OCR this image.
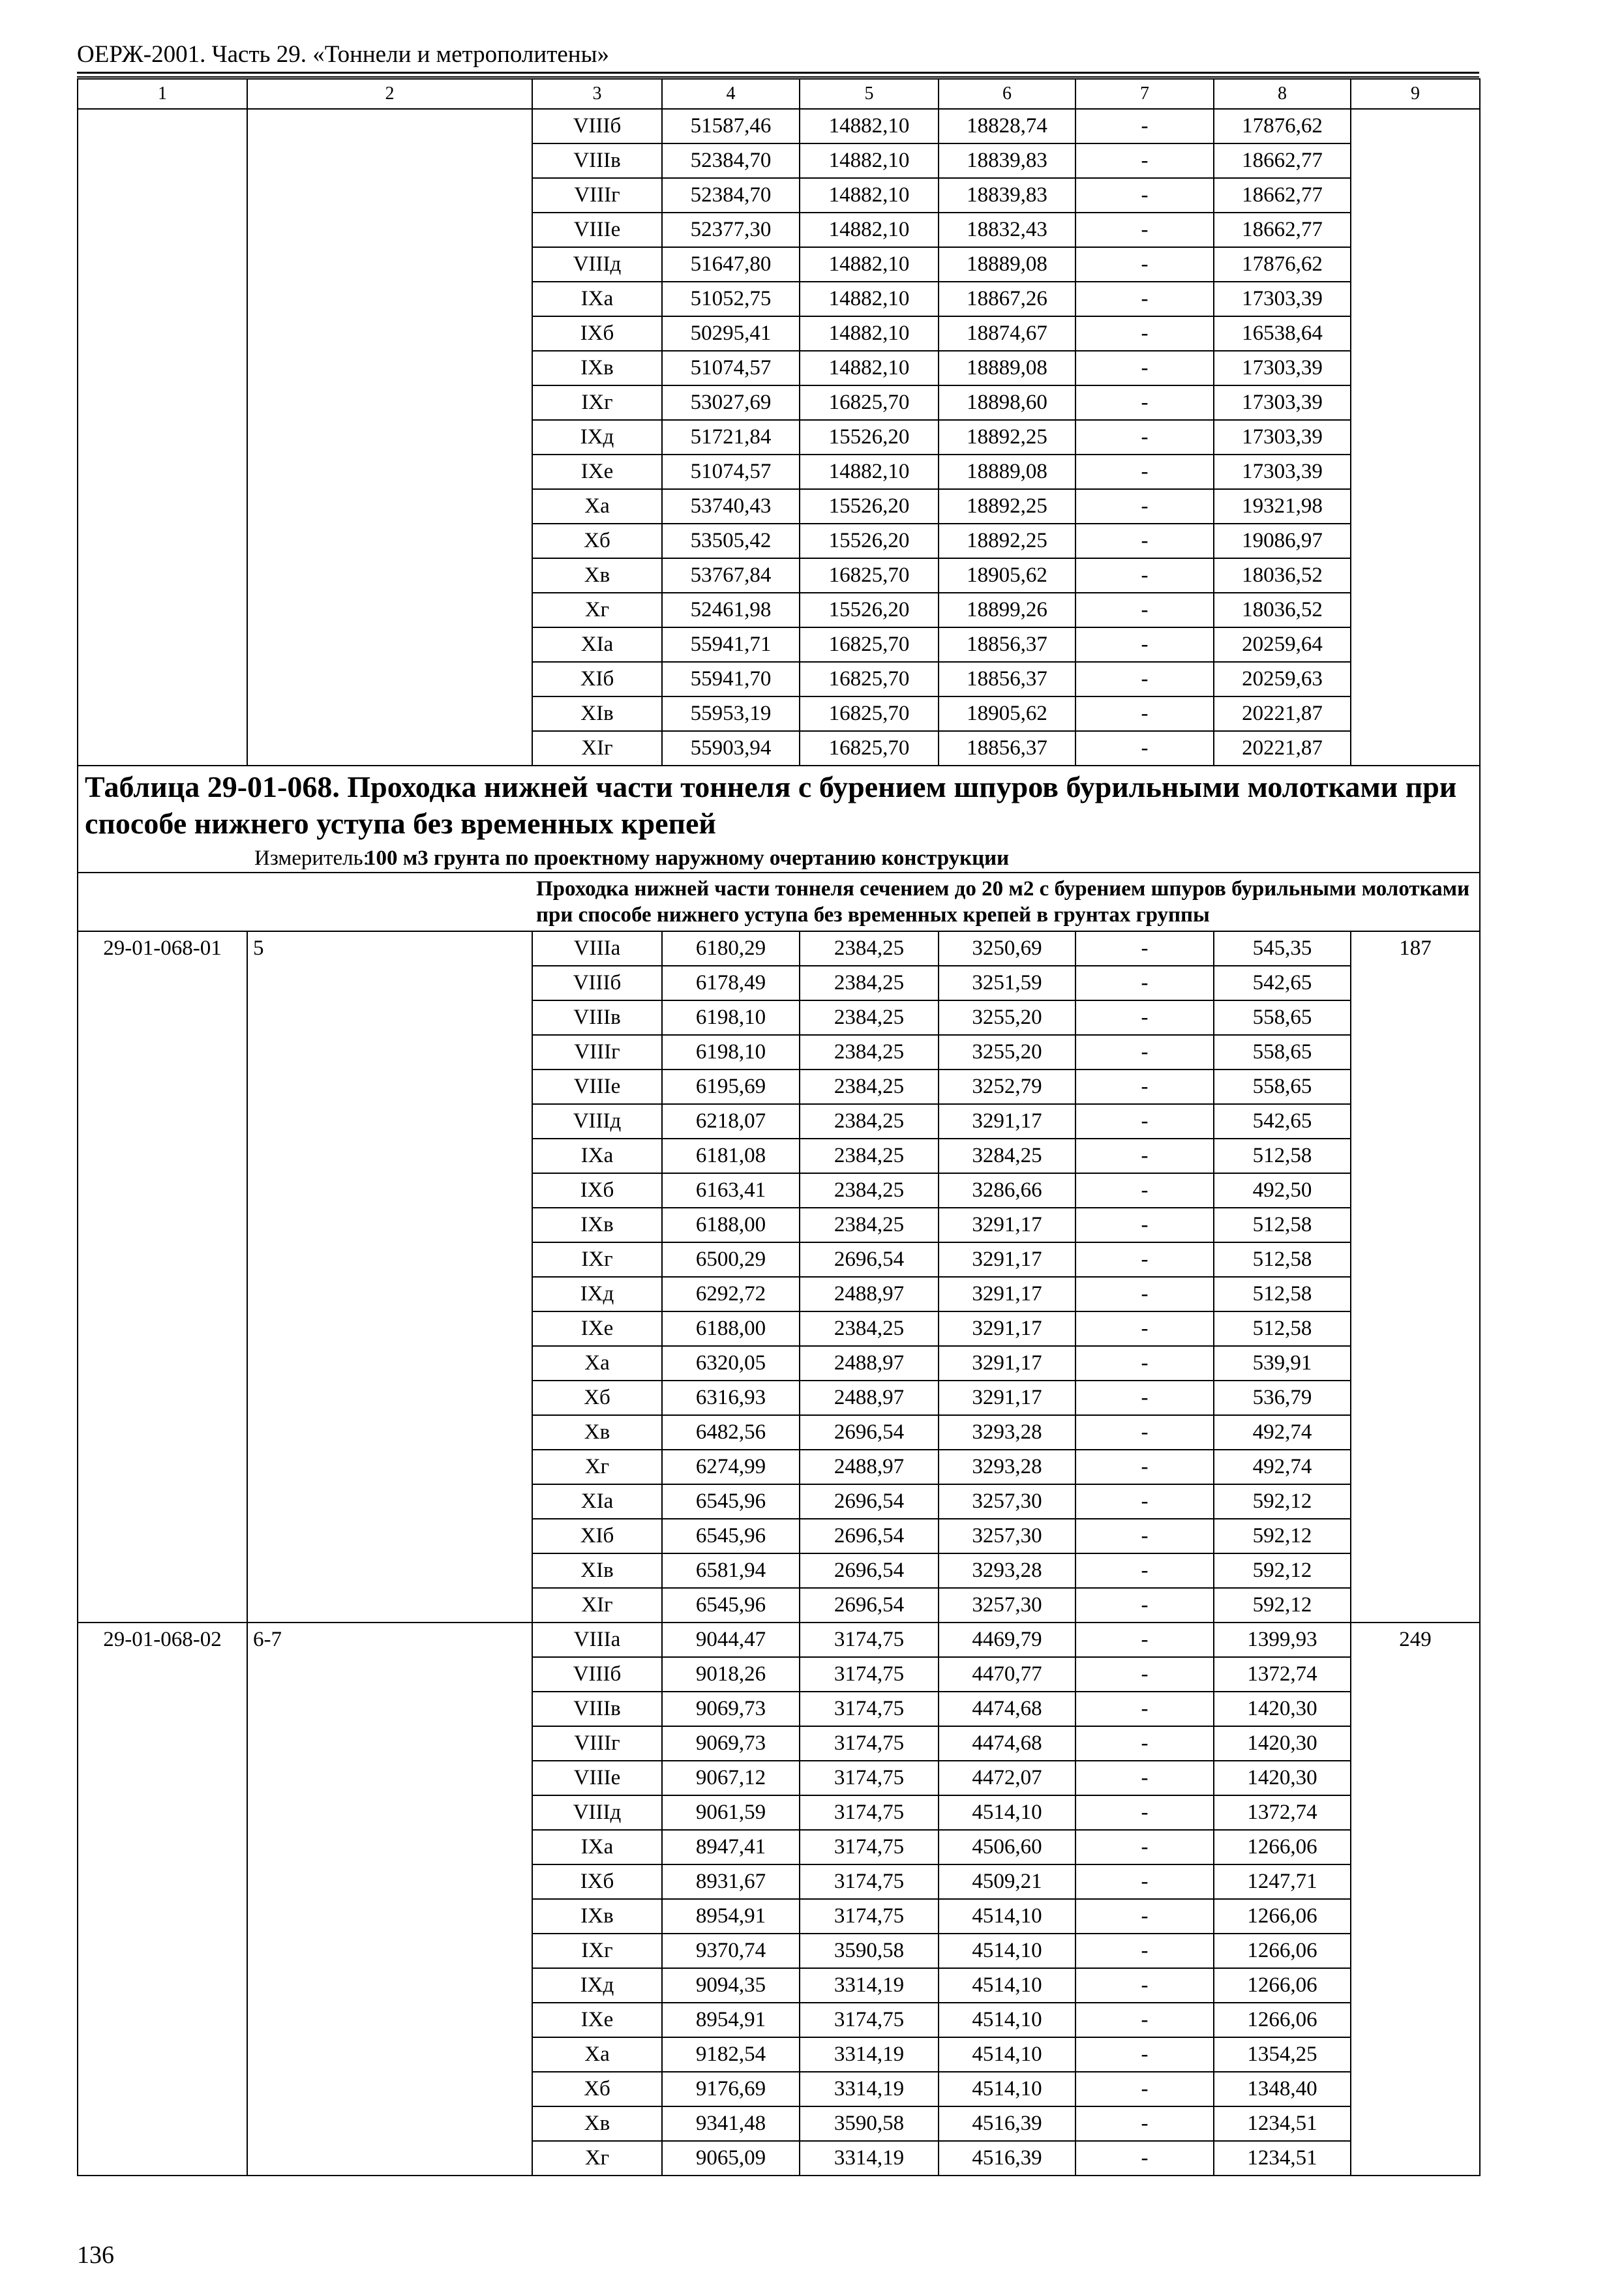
ОЕРЖ-2001. Часть 29. «Тоннели и метрополитены»
1	2	3	4	5	6	7	8	9
		VIIIб	51587,46	14882,10	18828,74	-	17876,62	
		VIIIв	52384,70	14882,10	18839,83	-	18662,77	
		VIIIг	52384,70	14882,10	18839,83	-	18662,77	
		VIIIе	52377,30	14882,10	18832,43	-	18662,77	
		VIIIд	51647,80	14882,10	18889,08	-	17876,62	
		IXа	51052,75	14882,10	18867,26	-	17303,39	
		IXб	50295,41	14882,10	18874,67	-	16538,64	
		IXв	51074,57	14882,10	18889,08	-	17303,39	
		IXг	53027,69	16825,70	18898,60	-	17303,39	
		IXд	51721,84	15526,20	18892,25	-	17303,39	
		IXе	51074,57	14882,10	18889,08	-	17303,39	
		Xа	53740,43	15526,20	18892,25	-	19321,98	
		Xб	53505,42	15526,20	18892,25	-	19086,97	
		Xв	53767,84	16825,70	18905,62	-	18036,52	
		Xг	52461,98	15526,20	18899,26	-	18036,52	
		XIа	55941,71	16825,70	18856,37	-	20259,64	
		XIб	55941,70	16825,70	18856,37	-	20259,63	
		XIв	55953,19	16825,70	18905,62	-	20221,87	
		XIг	55903,94	16825,70	18856,37	-	20221,87	
Таблица 29-01-068. Проходка нижней части тоннеля с бурением шпуров бурильными молотками при способе нижнего уступа без временных крепей								
Измеритель:100 м3 грунта по проектному наружному очертанию конструкции								
		Проходка нижней части тоннеля сечением до 20 м2 с бурением шпуров бурильными молотками при способе нижнего уступа без временных крепей в грунтах группы						
29-01-068-01	5	VIIIа	6180,29	2384,25	3250,69	-	545,35	187
		VIIIб	6178,49	2384,25	3251,59	-	542,65	
		VIIIв	6198,10	2384,25	3255,20	-	558,65	
		VIIIг	6198,10	2384,25	3255,20	-	558,65	
		VIIIе	6195,69	2384,25	3252,79	-	558,65	
		VIIIд	6218,07	2384,25	3291,17	-	542,65	
		IXа	6181,08	2384,25	3284,25	-	512,58	
		IXб	6163,41	2384,25	3286,66	-	492,50	
		IXв	6188,00	2384,25	3291,17	-	512,58	
		IXг	6500,29	2696,54	3291,17	-	512,58	
		IXд	6292,72	2488,97	3291,17	-	512,58	
		IXе	6188,00	2384,25	3291,17	-	512,58	
		Xа	6320,05	2488,97	3291,17	-	539,91	
		Xб	6316,93	2488,97	3291,17	-	536,79	
		Xв	6482,56	2696,54	3293,28	-	492,74	
		Xг	6274,99	2488,97	3293,28	-	492,74	
		XIа	6545,96	2696,54	3257,30	-	592,12	
		XIб	6545,96	2696,54	3257,30	-	592,12	
		XIв	6581,94	2696,54	3293,28	-	592,12	
		XIг	6545,96	2696,54	3257,30	-	592,12	
29-01-068-02	6-7	VIIIа	9044,47	3174,75	4469,79	-	1399,93	249
		VIIIб	9018,26	3174,75	4470,77	-	1372,74	
		VIIIв	9069,73	3174,75	4474,68	-	1420,30	
		VIIIг	9069,73	3174,75	4474,68	-	1420,30	
		VIIIе	9067,12	3174,75	4472,07	-	1420,30	
		VIIIд	9061,59	3174,75	4514,10	-	1372,74	
		IXа	8947,41	3174,75	4506,60	-	1266,06	
		IXб	8931,67	3174,75	4509,21	-	1247,71	
		IXв	8954,91	3174,75	4514,10	-	1266,06	
		IXг	9370,74	3590,58	4514,10	-	1266,06	
		IXд	9094,35	3314,19	4514,10	-	1266,06	
		IXе	8954,91	3174,75	4514,10	-	1266,06	
		Xа	9182,54	3314,19	4514,10	-	1354,25	
		Xб	9176,69	3314,19	4514,10	-	1348,40	
		Xв	9341,48	3590,58	4516,39	-	1234,51	
		Xг	9065,09	3314,19	4516,39	-	1234,51	
136
